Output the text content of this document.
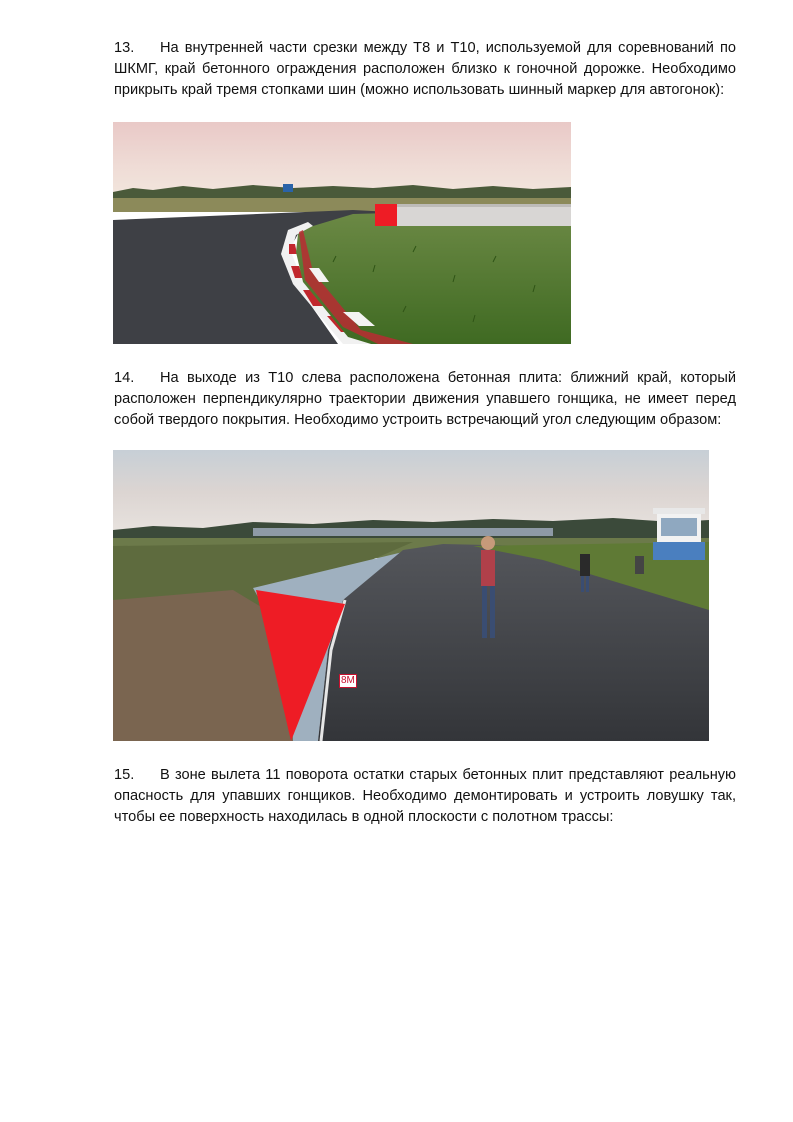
13. На внутренней части срезки между Т8 и Т10, используемой для соревнований по ШКМГ, край бетонного ограждения расположен близко к гоночной дорожке. Необходимо прикрыть край тремя стопками шин (можно использовать шинный маркер для автогонок):

14. На выходе из Т10 слева расположена бетонная плита: ближний край, который расположен перпендикулярно траектории движения упавшего гонщика, не имеет перед собой твердого покрытия. Необходимо устроить встречающий угол следующим образом:

8М

15. В зоне вылета 11 поворота остатки старых бетонных плит представляют реальную опасность для упавших гонщиков. Необходимо демонтировать и устроить ловушку так, чтобы ее поверхность находилась в одной плоскости с полотном трассы:
